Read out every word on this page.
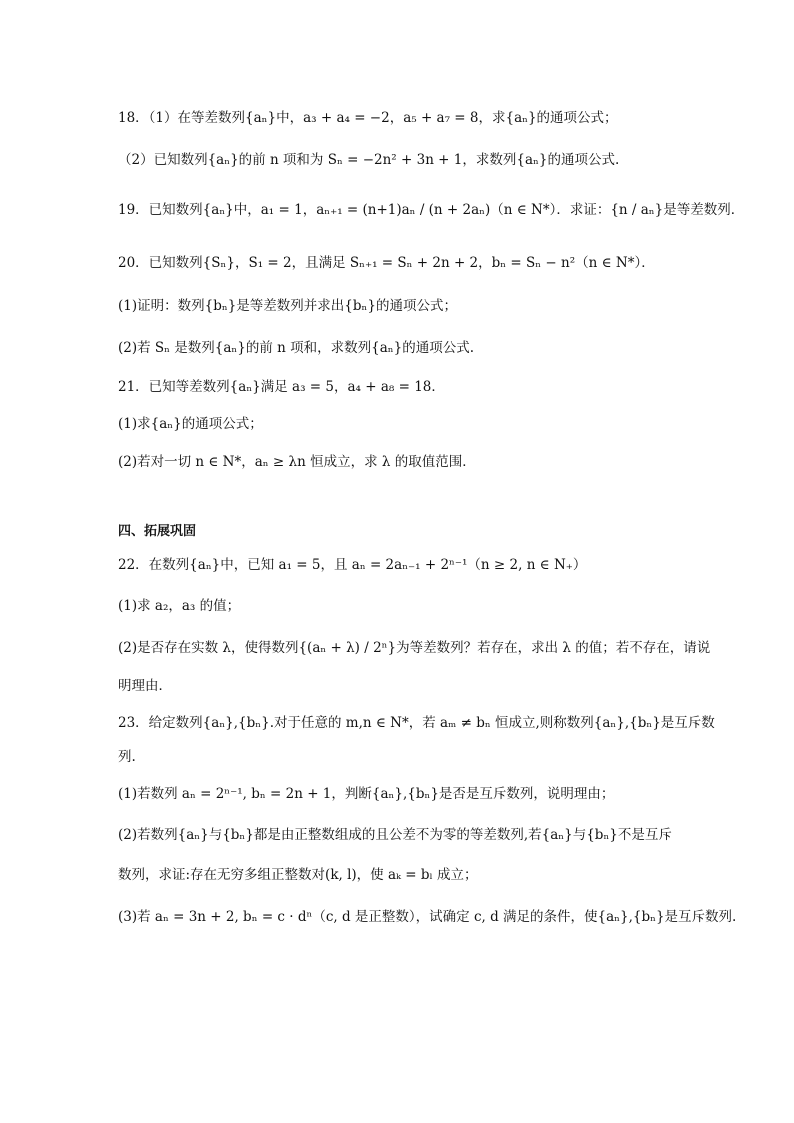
18．（1）在等差数列{aₙ}中，a₃ + a₄ = −2，a₅ + a₇ = 8，求{aₙ}的通项公式；
（2）已知数列{aₙ}的前 n 项和为 Sₙ = −2n² + 3n + 1，求数列{aₙ}的通项公式.
19．已知数列{aₙ}中，a₁ = 1，aₙ₊₁ = (n+1)aₙ / (n + 2aₙ)（n ∈ N*）．求证：{n / aₙ}是等差数列．
20．已知数列{Sₙ}，S₁ = 2，且满足 Sₙ₊₁ = Sₙ + 2n + 2，bₙ = Sₙ − n²（n ∈ N*）．
(1)证明：数列{bₙ}是等差数列并求出{bₙ}的通项公式；
(2)若 Sₙ 是数列{aₙ}的前 n 项和，求数列{aₙ}的通项公式.
21．已知等差数列{aₙ}满足 a₃ = 5，a₄ + a₈ = 18．
(1)求{aₙ}的通项公式；
(2)若对一切 n ∈ N*，aₙ ≥ λn 恒成立，求 λ 的取值范围．
四、拓展巩固
22．在数列{aₙ}中，已知 a₁ = 5，且 aₙ = 2aₙ₋₁ + 2ⁿ⁻¹（n ≥ 2, n ∈ N₊）
(1)求 a₂，a₃ 的值；
(2)是否存在实数 λ，使得数列{(aₙ + λ) / 2ⁿ}为等差数列？若存在，求出 λ 的值；若不存在，请说
明理由．
23．给定数列{aₙ},{bₙ}.对于任意的 m,n ∈ N*，若 aₘ ≠ bₙ 恒成立,则称数列{aₙ},{bₙ}是互斥数
列.
(1)若数列 aₙ = 2ⁿ⁻¹, bₙ = 2n + 1，判断{aₙ},{bₙ}是否是互斥数列，说明理由；
(2)若数列{aₙ}与{bₙ}都是由正整数组成的且公差不为零的等差数列,若{aₙ}与{bₙ}不是互斥
数列，求证:存在无穷多组正整数对(k, l)，使 aₖ = bₗ 成立；
(3)若 aₙ = 3n + 2, bₙ = c · dⁿ（c, d 是正整数），试确定 c, d 满足的条件，使{aₙ},{bₙ}是互斥数列.
